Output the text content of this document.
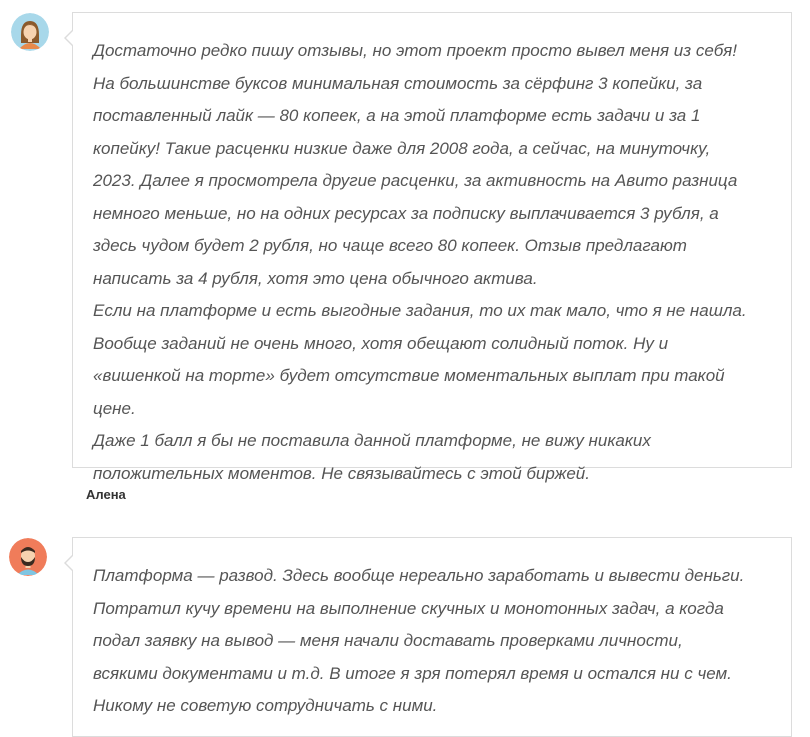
Достаточно редко пишу отзывы, но этот проект просто вывел меня из себя!
На большинстве буксов минимальная стоимость за сёрфинг 3 копейки, за
поставленный лайк — 80 копеек, а на этой платформе есть задачи и за 1
копейку! Такие расценки низкие даже для 2008 года, а сейчас, на минуточку,
2023. Далее я просмотрела другие расценки, за активность на Авито разница
немного меньше, но на одних ресурсах за подписку выплачивается 3 рубля, а
здесь чудом будет 2 рубля, но чаще всего 80 копеек. Отзыв предлагают
написать за 4 рубля, хотя это цена обычного актива.
Если на платформе и есть выгодные задания, то их так мало, что я не нашла.
Вообще заданий не очень много, хотя обещают солидный поток. Ну и
«вишенкой на торте» будет отсутствие моментальных выплат при такой цене.
Даже 1 балл я бы не поставила данной платформе, не вижу никаких
положительных моментов. Не связывайтесь с этой биржей.

Алена

Платформа — развод. Здесь вообще нереально заработать и вывести деньги.
Потратил кучу времени на выполнение скучных и монотонных задач, а когда
подал заявку на вывод — меня начали доставать проверками личности,
всякими документами и т.д. В итоге я зря потерял время и остался ни с чем.
Никому не советую сотрудничать с ними.
